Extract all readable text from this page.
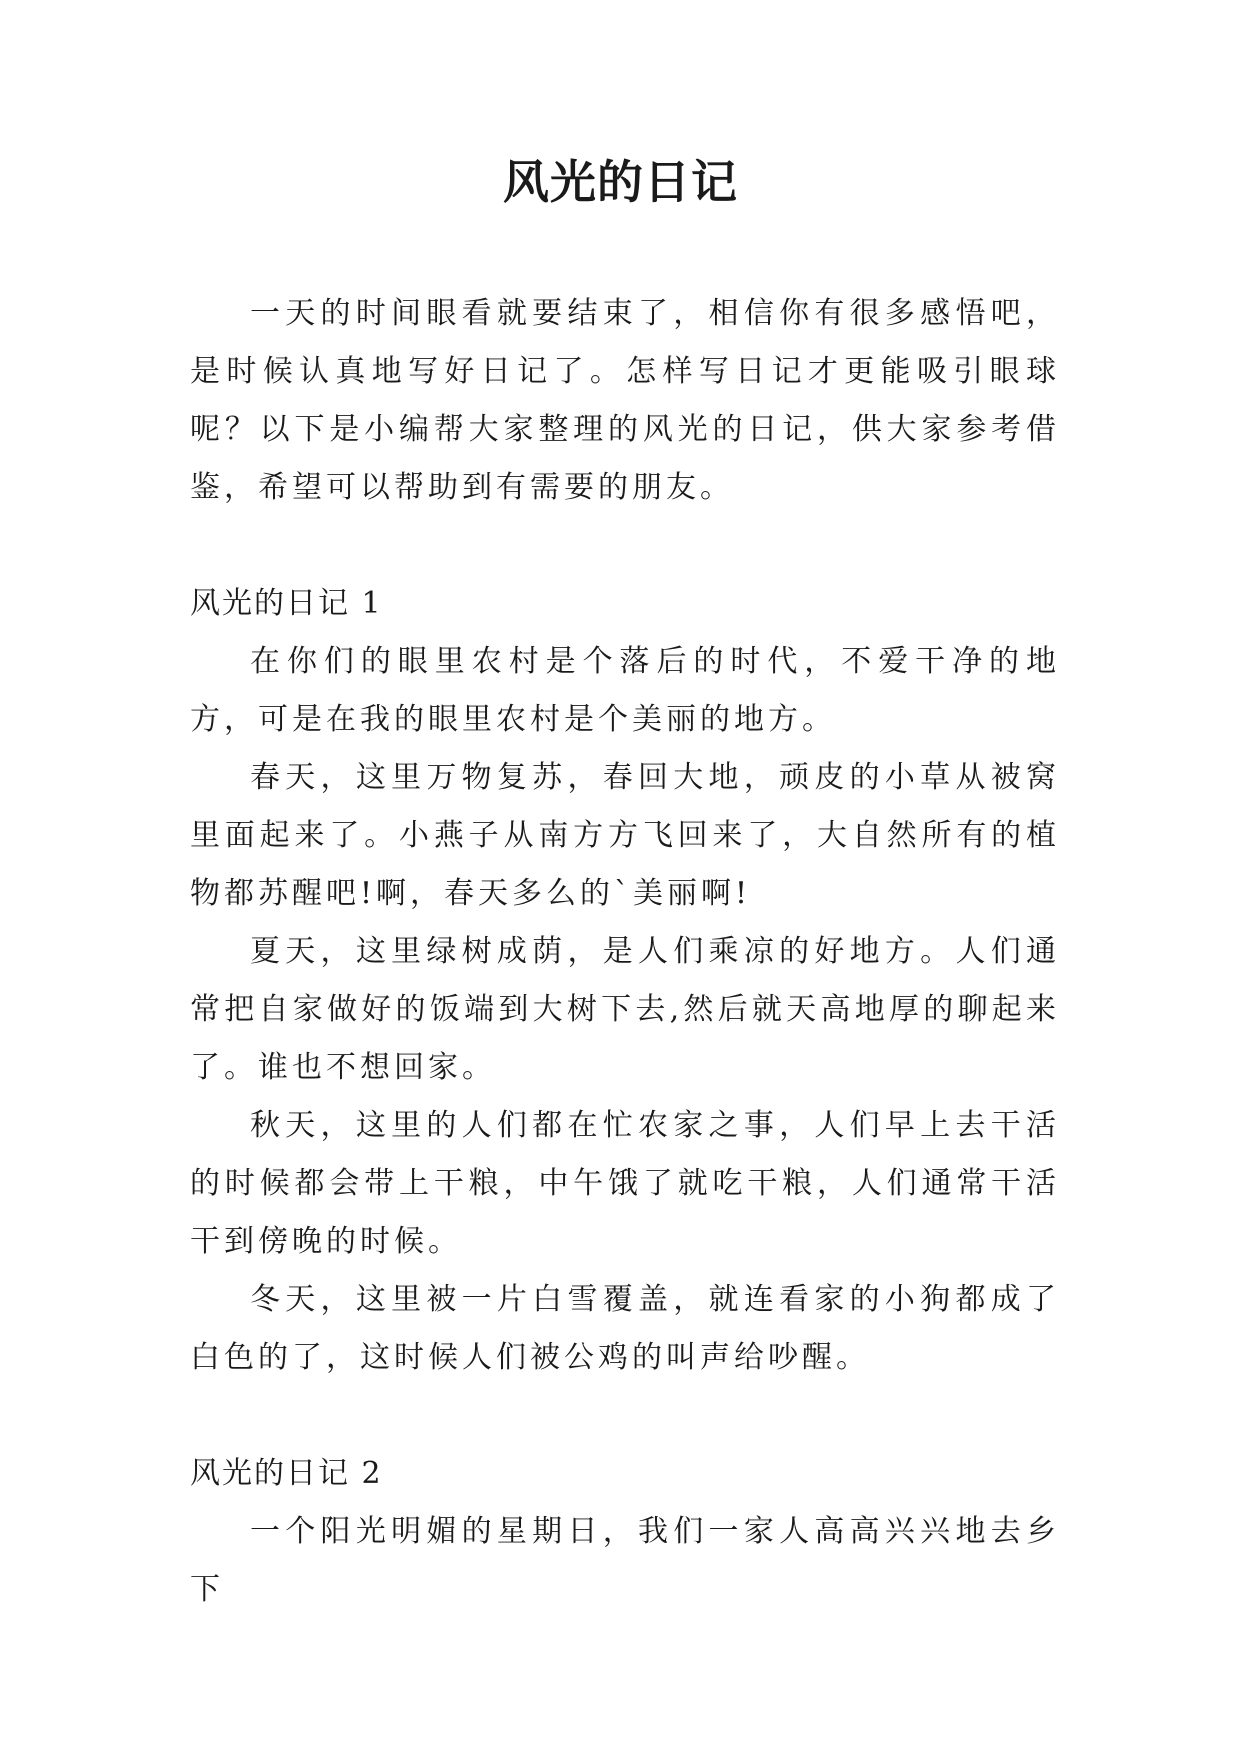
风光的日记

一天的时间眼看就要结束了，相信你有很多感悟吧，是时候认真地写好日记了。怎样写日记才更能吸引眼球呢？以下是小编帮大家整理的风光的日记，供大家参考借鉴，希望可以帮助到有需要的朋友。

风光的日记 1

在你们的眼里农村是个落后的时代，不爱干净的地方，可是在我的眼里农村是个美丽的地方。

春天，这里万物复苏，春回大地，顽皮的小草从被窝里面起来了。小燕子从南方方飞回来了，大自然所有的植物都苏醒吧!啊，春天多么的`美丽啊!

夏天，这里绿树成荫，是人们乘凉的好地方。人们通常把自家做好的饭端到大树下去,然后就天高地厚的聊起来了。谁也不想回家。

秋天，这里的人们都在忙农家之事，人们早上去干活的时候都会带上干粮，中午饿了就吃干粮，人们通常干活干到傍晚的时候。

冬天，这里被一片白雪覆盖，就连看家的小狗都成了白色的了，这时候人们被公鸡的叫声给吵醒。

风光的日记 2

一个阳光明媚的星期日，我们一家人高高兴兴地去乡下
